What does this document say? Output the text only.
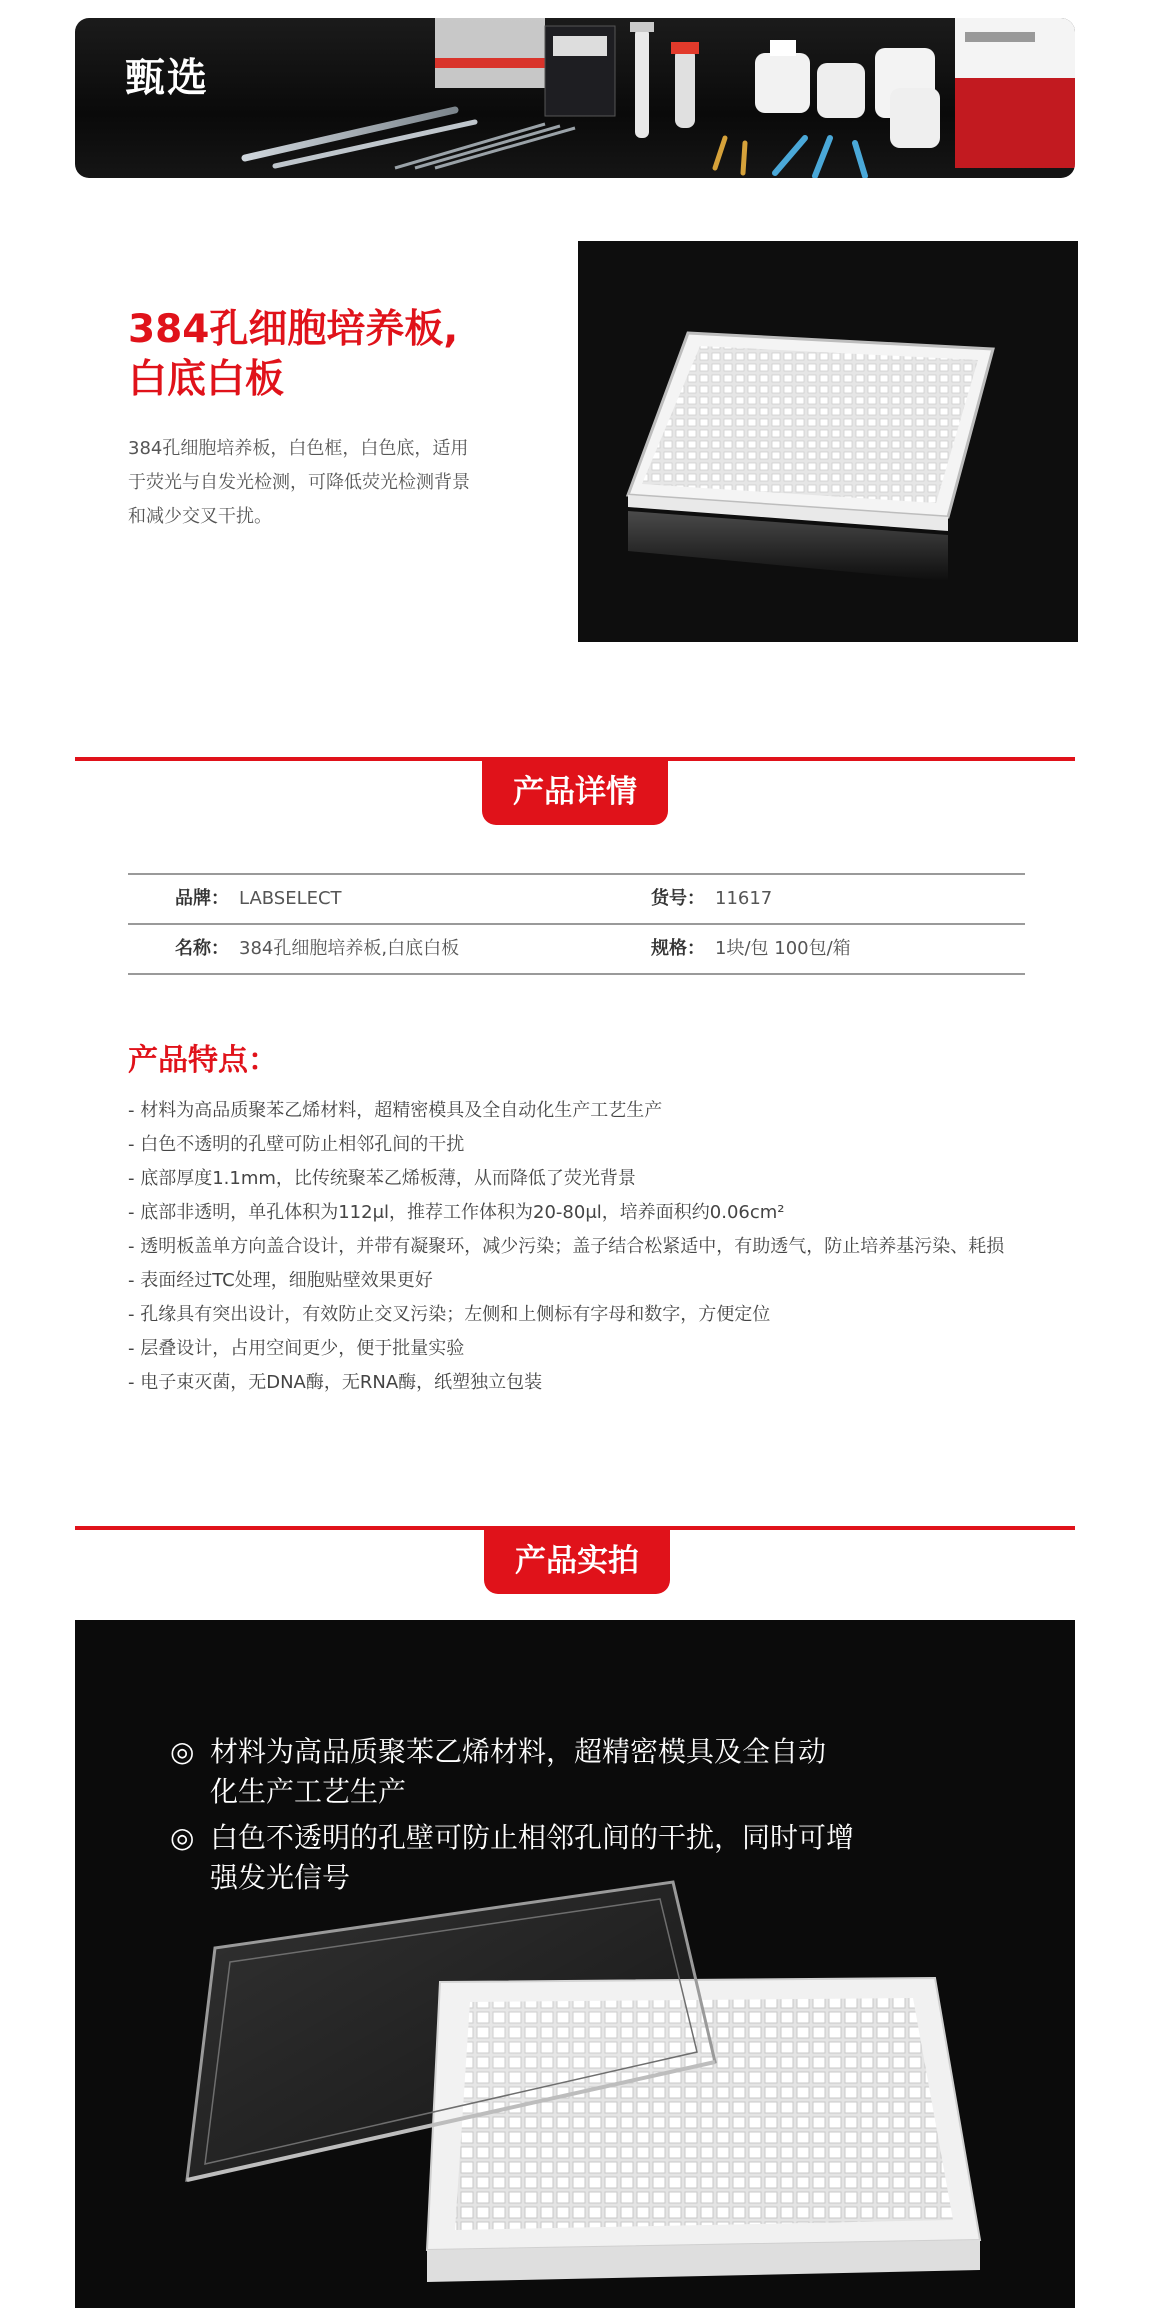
甄选
384孔细胞培养板,
白底白板
384孔细胞培养板，白色框，白色底，适用
于荧光与自发光检测，可降低荧光检测背景
和减少交叉干扰。
产品详情
品牌： LABSELECT	货号： 11617
名称： 384孔细胞培养板,白底白板	规格： 1块/包 100包/箱
产品特点：
- 材料为高品质聚苯乙烯材料，超精密模具及全自动化生产工艺生产
- 白色不透明的孔壁可防止相邻孔间的干扰
- 底部厚度1.1mm，比传统聚苯乙烯板薄，从而降低了荧光背景
- 底部非透明，单孔体积为112μl，推荐工作体积为20-80μl，培养面积约0.06cm²
- 透明板盖单方向盖合设计，并带有凝聚环，减少污染；盖子结合松紧适中，有助透气，防止培养基污染、耗损
- 表面经过TC处理，细胞贴壁效果更好
- 孔缘具有突出设计，有效防止交叉污染；左侧和上侧标有字母和数字，方便定位
- 层叠设计，占用空间更少，便于批量实验
- 电子束灭菌，无DNA酶，无RNA酶，纸塑独立包装
产品实拍
◎ 材料为高品质聚苯乙烯材料，超精密模具及全自动
化生产工艺生产
◎ 白色不透明的孔壁可防止相邻孔间的干扰，同时可增
强发光信号
